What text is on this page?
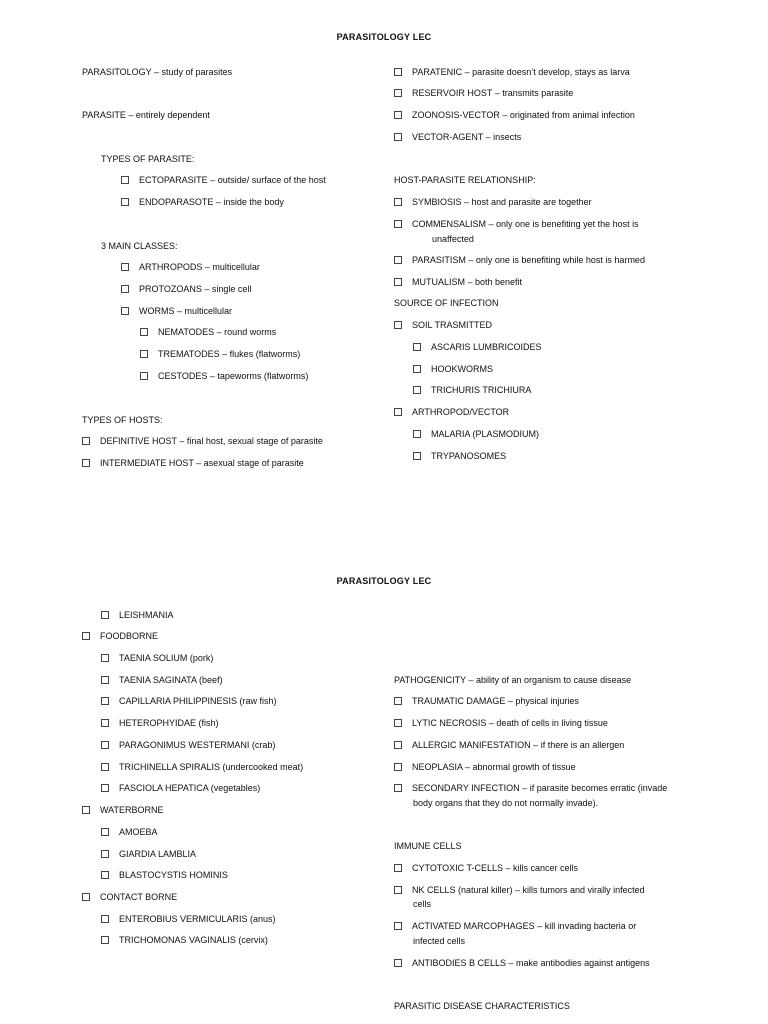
PARASITOLOGY LEC
PARASITOLOGY – study of parasites
PARASITE – entirely dependent
TYPES OF PARASITE:
ECTOPARASITE – outside/ surface of the host
ENDOPARASOTE – inside the body
3 MAIN CLASSES:
ARTHROPODS – multicellular
PROTOZOANS – single cell
WORMS – multicellular
NEMATODES – round worms
TREMATODES – flukes (flatworms)
CESTODES – tapeworms (flatworms)
TYPES OF HOSTS:
DEFINITIVE HOST – final host, sexual stage of parasite
INTERMEDIATE HOST – asexual stage of parasite
PARATENIC – parasite doesn’t develop, stays as larva
RESERVOIR HOST – transmits parasite
ZOONOSIS-VECTOR – originated from animal infection
VECTOR-AGENT – insects
HOST-PARASITE RELATIONSHIP:
SYMBIOSIS – host and parasite are together
COMMENSALISM – only one is benefiting yet the host is
unaffected
PARASITISM – only one is benefiting while host is harmed
MUTUALISM – both benefit
SOURCE OF INFECTION
SOIL TRASMITTED
ASCARIS LUMBRICOIDES
HOOKWORMS
TRICHURIS TRICHIURA
ARTHROPOD/VECTOR
MALARIA (PLASMODIUM)
TRYPANOSOMES
PARASITOLOGY LEC
LEISHMANIA
FOODBORNE
TAENIA SOLIUM (pork)
TAENIA SAGINATA (beef)
CAPILLARIA PHILIPPINESIS (raw fish)
HETEROPHYIDAE (fish)
PARAGONIMUS WESTERMANI (crab)
TRICHINELLA SPIRALIS (undercooked meat)
FASCIOLA HEPATICA (vegetables)
WATERBORNE
AMOEBA
GIARDIA LAMBLIA
BLASTOCYSTIS HOMINIS
CONTACT BORNE
ENTEROBIUS VERMICULARIS (anus)
TRICHOMONAS VAGINALIS (cervix)
PATHOGENICITY – ability of an organism to cause disease
TRAUMATIC DAMAGE – physical injuries
LYTIC NECROSIS – death of cells in living tissue
ALLERGIC MANIFESTATION – if there is an allergen
NEOPLASIA – abnormal growth of tissue
SECONDARY INFECTION – if parasite becomes erratic (invade
body organs that they do not normally invade).
IMMUNE CELLS
CYTOTOXIC T-CELLS – kills cancer cells
NK CELLS (natural killer) – kills tumors and virally infected
cells
ACTIVATED MARCOPHAGES – kill invading bacteria or
infected cells
ANTIBODIES B CELLS – make antibodies against antigens
PARASITIC DISEASE CHARACTERISTICS
